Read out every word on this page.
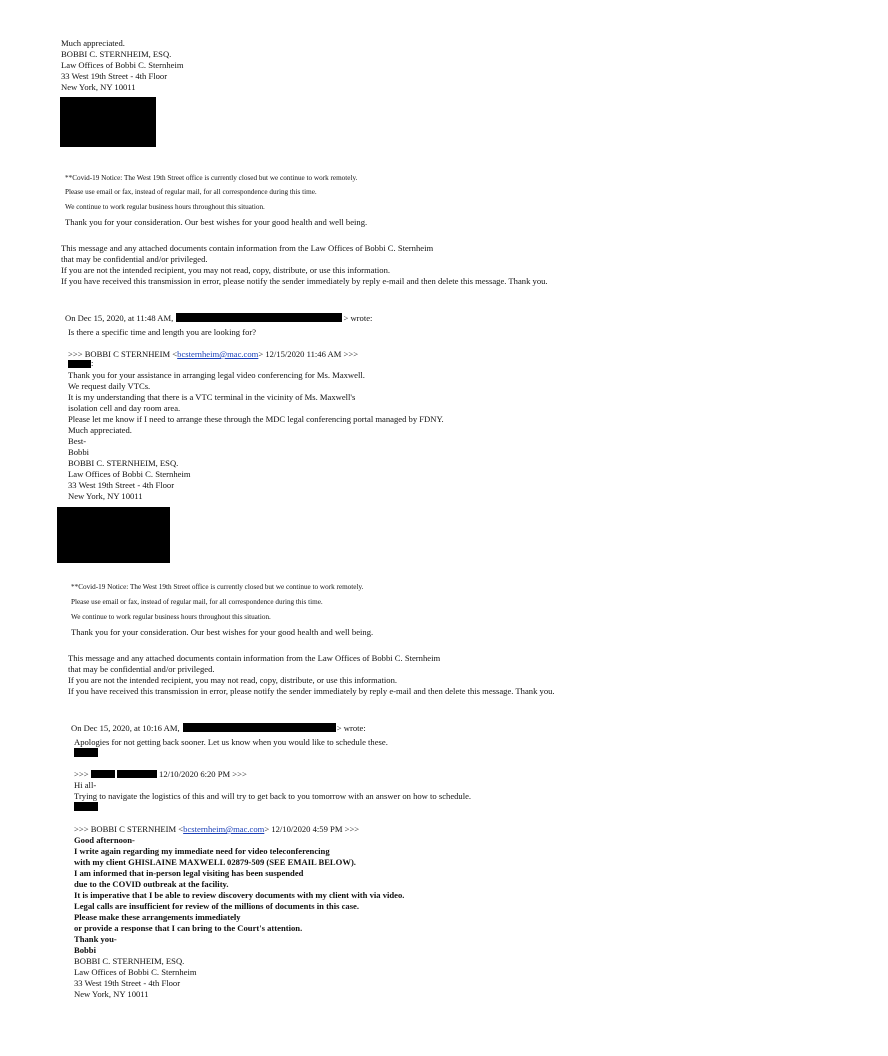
Much appreciated.
BOBBI C. STERNHEIM, ESQ.
Law Offices of Bobbi C. Sternheim
33 West 19th Street - 4th Floor
New York, NY 10011
**Covid-19 Notice: The West 19th Street office is currently closed but we continue to work remotely.
Please use email or fax, instead of regular mail, for all correspondence during this time.
We continue to work regular business hours throughout this situation.
Thank you for your consideration. Our best wishes for your good health and well being.
This message and any attached documents contain information from the Law Offices of Bobbi C. Sternheim
that may be confidential and/or privileged.
If you are not the intended recipient, you may not read, copy, distribute, or use this information.
If you have received this transmission in error, please notify the sender immediately by reply e-mail and then delete this message. Thank you.
On Dec 15, 2020, at 11:48 AM,	> wrote:
Is there a specific time and length you are looking for?
>>> BOBBI C STERNHEIM <bcsternheim@mac.com> 12/15/2020 11:46 AM >>>
:
Thank you for your assistance in arranging legal video conferencing for Ms. Maxwell.
We request daily VTCs.
It is my understanding that there is a VTC terminal in the vicinity of Ms. Maxwell's
isolation cell and day room area.
Please let me know if I need to arrange these through the MDC legal conferencing portal managed by FDNY.
Much appreciated.
Best-
Bobbi
BOBBI C. STERNHEIM, ESQ.
Law Offices of Bobbi C. Sternheim
33 West 19th Street - 4th Floor
New York, NY 10011
**Covid-19 Notice: The West 19th Street office is currently closed but we continue to work remotely.
Please use email or fax, instead of regular mail, for all correspondence during this time.
We continue to work regular business hours throughout this situation.
Thank you for your consideration. Our best wishes for your good health and well being.
This message and any attached documents contain information from the Law Offices of Bobbi C. Sternheim
that may be confidential and/or privileged.
If you are not the intended recipient, you may not read, copy, distribute, or use this information.
If you have received this transmission in error, please notify the sender immediately by reply e-mail and then delete this message. Thank you.
On Dec 15, 2020, at 10:16 AM,	> wrote:
Apologies for not getting back sooner. Let us know when you would like to schedule these.
>>>	12/10/2020 6:20 PM >>>
Hi all-
Trying to navigate the logistics of this and will try to get back to you tomorrow with an answer on how to schedule.
>>> BOBBI C STERNHEIM <bcsternheim@mac.com> 12/10/2020 4:59 PM >>>
Good afternoon-
I write again regarding my immediate need for video teleconferencing
with my client GHISLAINE MAXWELL 02879-509 (SEE EMAIL BELOW).
I am informed that in-person legal visiting has been suspended
due to the COVID outbreak at the facility.
It is imperative that I be able to review discovery documents with my client with via video.
Legal calls are insufficient for review of the millions of documents in this case.
Please make these arrangements immediately
or provide a response that I can bring to the Court's attention.
Thank you-
Bobbi
BOBBI C. STERNHEIM, ESQ.
Law Offices of Bobbi C. Sternheim
33 West 19th Street - 4th Floor
New York, NY 10011
